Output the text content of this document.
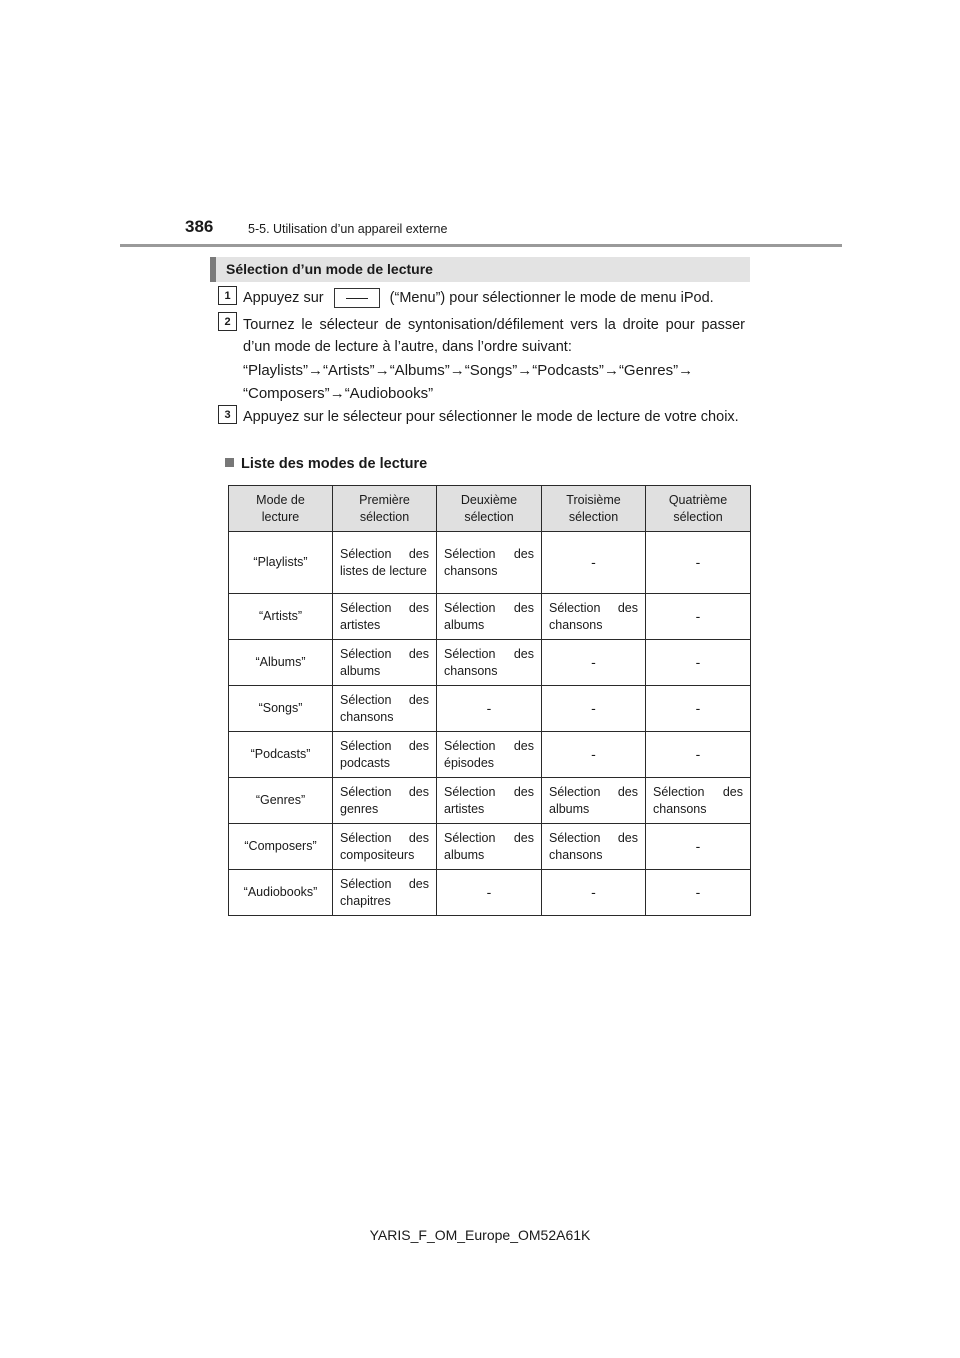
386	5-5. Utilisation d’un appareil externe
Sélection d’un mode de lecture
1 Appuyez sur	(“Menu”) pour sélectionner le mode de menu iPod.
2 Tournez le sélecteur de syntonisation/défilement vers la droite pour passer d’un mode de lecture à l’autre, dans l’ordre suivant:
“Playlists”→“Artists”→“Albums”→“Songs”→“Podcasts”→“Genres”→
“Composers”→“Audiobooks”
3 Appuyez sur le sélecteur pour sélectionner le mode de lecture de votre choix.
Liste des modes de lecture
Mode de lecture	Première sélection	Deuxième sélection	Troisième sélection	Quatrième sélection
“Playlists”	Sélection des listes de lecture	Sélection des chansons	-	-
“Artists”	Sélection des artistes	Sélection des albums	Sélection des chansons	-
“Albums”	Sélection des albums	Sélection des chansons	-	-
“Songs”	Sélection des chansons	-	-	-
“Podcasts”	Sélection des podcasts	Sélection des épisodes	-	-
“Genres”	Sélection des genres	Sélection des artistes	Sélection des albums	Sélection des chansons
“Composers”	Sélection des compositeurs	Sélection des albums	Sélection des chansons	-
“Audiobooks”	Sélection des chapitres	-	-	-
YARIS_F_OM_Europe_OM52A61K
